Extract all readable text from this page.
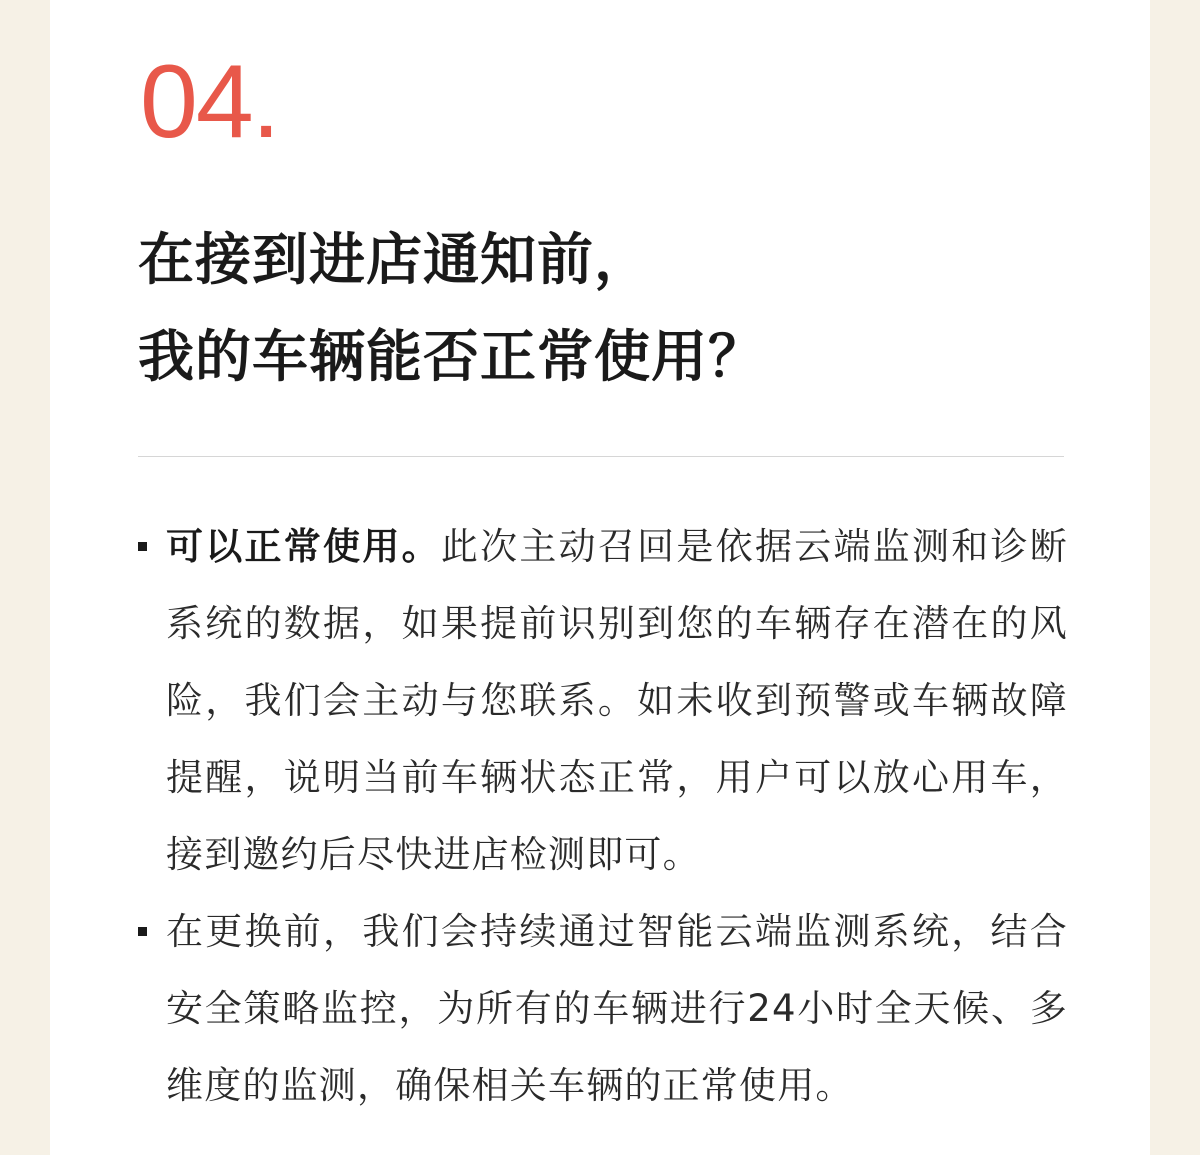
04.
在接到进店通知前，
我的车辆能否正常使用？
可以正常使用。此次主动召回是依据云端监测和诊断系统的数据，如果提前识别到您的车辆存在潜在的风险，我们会主动与您联系。如未收到预警或车辆故障提醒，说明当前车辆状态正常，用户可以放心用车，接到邀约后尽快进店检测即可。
在更换前，我们会持续通过智能云端监测系统，结合安全策略监控，为所有的车辆进行24小时全天候、多维度的监测，确保相关车辆的正常使用。
